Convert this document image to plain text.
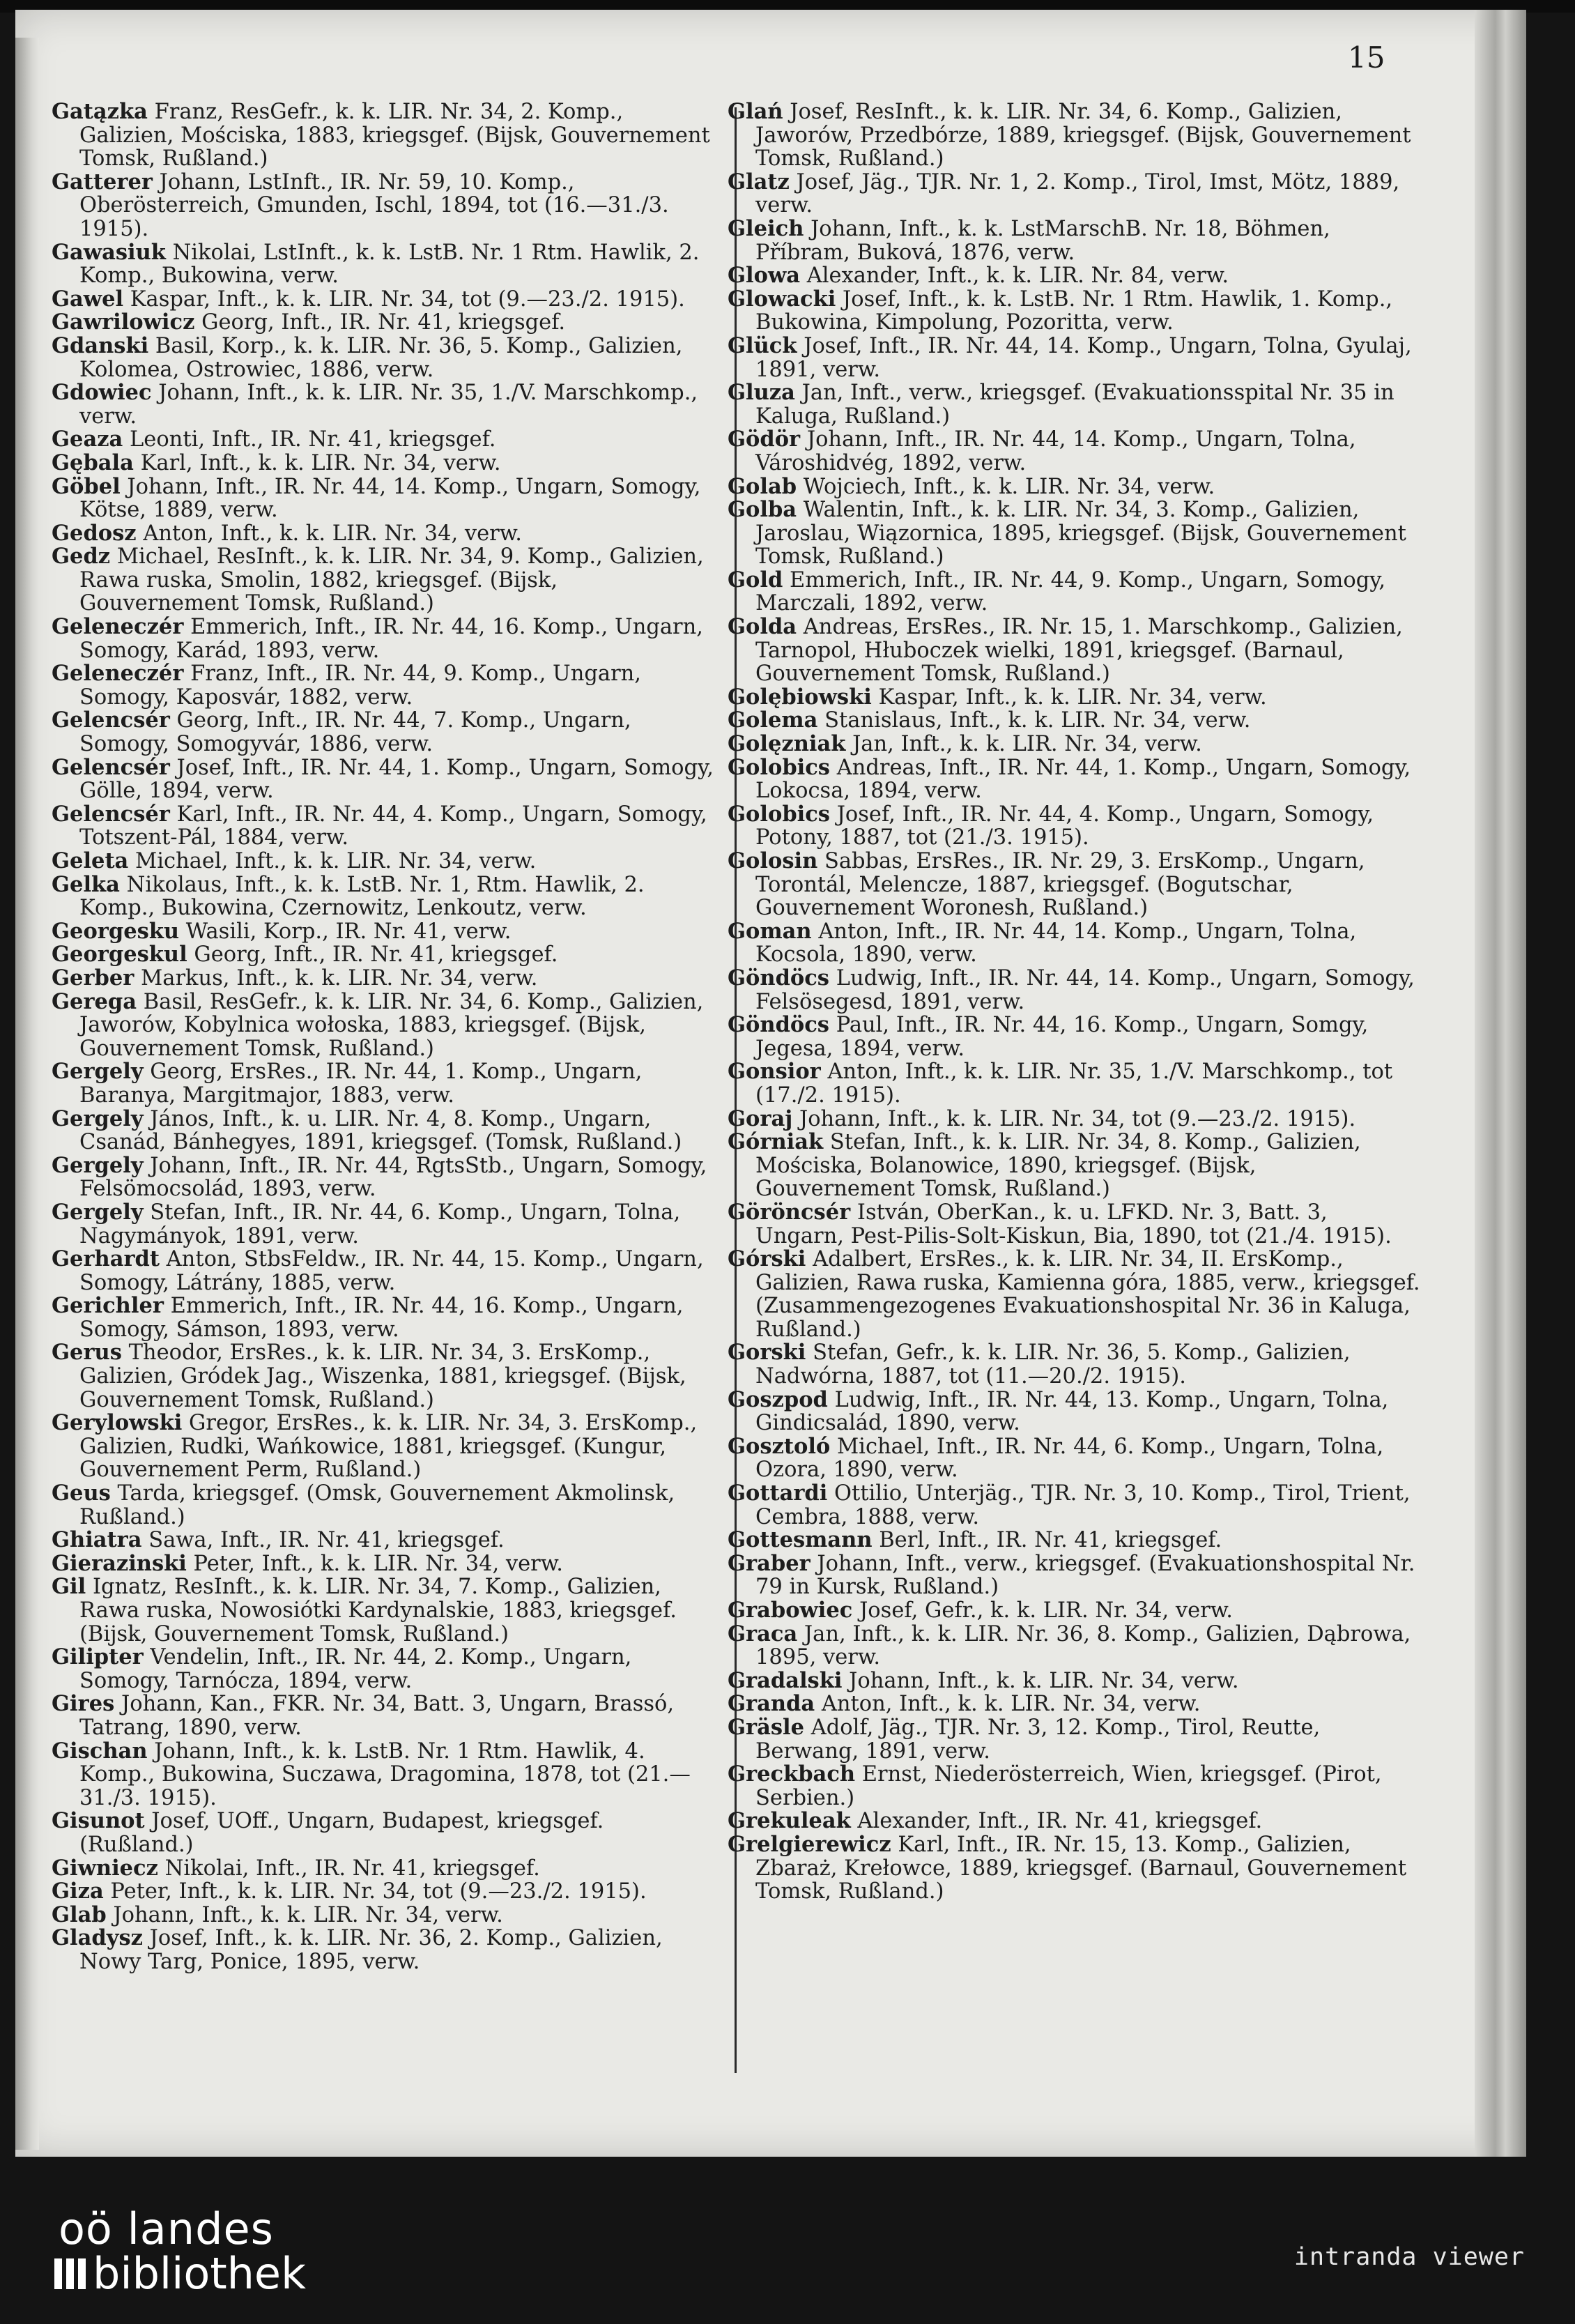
15

Gatązka Franz, ResGefr., k. k. LIR. Nr. 34, 2. Komp., Galizien, Mościska, 1883, kriegsgef. (Bijsk, Gouvernement Tomsk, Rußland.)

Gatterer Johann, LstInft., IR. Nr. 59, 10. Komp., Oberösterreich, Gmunden, Ischl, 1894, tot (16.—31./3. 1915).

Gawasiuk Nikolai, LstInft., k. k. LstB. Nr. 1 Rtm. Hawlik, 2. Komp., Bukowina, verw.

Gawel Kaspar, Inft., k. k. LIR. Nr. 34, tot (9.—23./2. 1915).

Gawrilowicz Georg, Inft., IR. Nr. 41, kriegsgef.

Gdanski Basil, Korp., k. k. LIR. Nr. 36, 5. Komp., Galizien, Kolomea, Ostrowiec, 1886, verw.

Gdowiec Johann, Inft., k. k. LIR. Nr. 35, 1./V. Marschkomp., verw.

Geaza Leonti, Inft., IR. Nr. 41, kriegsgef.

Gębala Karl, Inft., k. k. LIR. Nr. 34, verw.

Göbel Johann, Inft., IR. Nr. 44, 14. Komp., Ungarn, Somogy, Kötse, 1889, verw.

Gedosz Anton, Inft., k. k. LIR. Nr. 34, verw.

Gedz Michael, ResInft., k. k. LIR. Nr. 34, 9. Komp., Galizien, Rawa ruska, Smolin, 1882, kriegsgef. (Bijsk, Gouvernement Tomsk, Rußland.)

Geleneczér Emmerich, Inft., IR. Nr. 44, 16. Komp., Ungarn, Somogy, Karád, 1893, verw.

Geleneczér Franz, Inft., IR. Nr. 44, 9. Komp., Ungarn, Somogy, Kaposvár, 1882, verw.

Gelencsér Georg, Inft., IR. Nr. 44, 7. Komp., Ungarn, Somogy, Somogyvár, 1886, verw.

Gelencsér Josef, Inft., IR. Nr. 44, 1. Komp., Ungarn, Somogy, Gölle, 1894, verw.

Gelencsér Karl, Inft., IR. Nr. 44, 4. Komp., Ungarn, Somogy, Totszent-Pál, 1884, verw.

Geleta Michael, Inft., k. k. LIR. Nr. 34, verw.

Gelka Nikolaus, Inft., k. k. LstB. Nr. 1, Rtm. Hawlik, 2. Komp., Bukowina, Czernowitz, Lenkoutz, verw.

Georgesku Wasili, Korp., IR. Nr. 41, verw.

Georgeskul Georg, Inft., IR. Nr. 41, kriegsgef.

Gerber Markus, Inft., k. k. LIR. Nr. 34, verw.

Gerega Basil, ResGefr., k. k. LIR. Nr. 34, 6. Komp., Galizien, Jaworów, Kobylnica wołoska, 1883, kriegsgef. (Bijsk, Gouvernement Tomsk, Rußland.)

Gergely Georg, ErsRes., IR. Nr. 44, 1. Komp., Ungarn, Baranya, Margitmajor, 1883, verw.

Gergely János, Inft., k. u. LIR. Nr. 4, 8. Komp., Ungarn, Csanád, Bánhegyes, 1891, kriegsgef. (Tomsk, Rußland.)

Gergely Johann, Inft., IR. Nr. 44, RgtsStb., Ungarn, Somogy, Felsömocsolád, 1893, verw.

Gergely Stefan, Inft., IR. Nr. 44, 6. Komp., Ungarn, Tolna, Nagymányok, 1891, verw.

Gerhardt Anton, StbsFeldw., IR. Nr. 44, 15. Komp., Ungarn, Somogy, Látrány, 1885, verw.

Gerichler Emmerich, Inft., IR. Nr. 44, 16. Komp., Ungarn, Somogy, Sámson, 1893, verw.

Gerus Theodor, ErsRes., k. k. LIR. Nr. 34, 3. ErsKomp., Galizien, Gródek Jag., Wiszenka, 1881, kriegsgef. (Bijsk, Gouvernement Tomsk, Rußland.)

Gerylowski Gregor, ErsRes., k. k. LIR. Nr. 34, 3. ErsKomp., Galizien, Rudki, Wańkowice, 1881, kriegsgef. (Kungur, Gouvernement Perm, Rußland.)

Geus Tarda, kriegsgef. (Omsk, Gouvernement Akmolinsk, Rußland.)

Ghiatra Sawa, Inft., IR. Nr. 41, kriegsgef.

Gierazinski Peter, Inft., k. k. LIR. Nr. 34, verw.

Gil Ignatz, ResInft., k. k. LIR. Nr. 34, 7. Komp., Galizien, Rawa ruska, Nowosiótki Kardynalskie, 1883, kriegsgef. (Bijsk, Gouvernement Tomsk, Rußland.)

Gilipter Vendelin, Inft., IR. Nr. 44, 2. Komp., Ungarn, Somogy, Tarnócza, 1894, verw.

Gires Johann, Kan., FKR. Nr. 34, Batt. 3, Ungarn, Brassó, Tatrang, 1890, verw.

Gischan Johann, Inft., k. k. LstB. Nr. 1 Rtm. Hawlik, 4. Komp., Bukowina, Suczawa, Dragomina, 1878, tot (21.—31./3. 1915).

Gisunot Josef, UOff., Ungarn, Budapest, kriegsgef. (Rußland.)

Giwniecz Nikolai, Inft., IR. Nr. 41, kriegsgef.

Giza Peter, Inft., k. k. LIR. Nr. 34, tot (9.—23./2. 1915).

Glab Johann, Inft., k. k. LIR. Nr. 34, verw.

Gladysz Josef, Inft., k. k. LIR. Nr. 36, 2. Komp., Galizien, Nowy Targ, Ponice, 1895, verw.

Glań Josef, ResInft., k. k. LIR. Nr. 34, 6. Komp., Galizien, Jaworów, Przedbórze, 1889, kriegsgef. (Bijsk, Gouvernement Tomsk, Rußland.)

Glatz Josef, Jäg., TJR. Nr. 1, 2. Komp., Tirol, Imst, Mötz, 1889, verw.

Gleich Johann, Inft., k. k. LstMarschB. Nr. 18, Böhmen, Příbram, Buková, 1876, verw.

Glowa Alexander, Inft., k. k. LIR. Nr. 84, verw.

Glowacki Josef, Inft., k. k. LstB. Nr. 1 Rtm. Hawlik, 1. Komp., Bukowina, Kimpolung, Pozoritta, verw.

Glück Josef, Inft., IR. Nr. 44, 14. Komp., Ungarn, Tolna, Gyulaj, 1891, verw.

Gluza Jan, Inft., verw., kriegsgef. (Evakuationsspital Nr. 35 in Kaluga, Rußland.)

Gödör Johann, Inft., IR. Nr. 44, 14. Komp., Ungarn, Tolna, Városhidvég, 1892, verw.

Golab Wojciech, Inft., k. k. LIR. Nr. 34, verw.

Golba Walentin, Inft., k. k. LIR. Nr. 34, 3. Komp., Galizien, Jaroslau, Wiązornica, 1895, kriegsgef. (Bijsk, Gouvernement Tomsk, Rußland.)

Gold Emmerich, Inft., IR. Nr. 44, 9. Komp., Ungarn, Somogy, Marczali, 1892, verw.

Golda Andreas, ErsRes., IR. Nr. 15, 1. Marschkomp., Galizien, Tarnopol, Hłuboczek wielki, 1891, kriegsgef. (Barnaul, Gouvernement Tomsk, Rußland.)

Golębiowski Kaspar, Inft., k. k. LIR. Nr. 34, verw.

Golema Stanislaus, Inft., k. k. LIR. Nr. 34, verw.

Golęzniak Jan, Inft., k. k. LIR. Nr. 34, verw.

Golobics Andreas, Inft., IR. Nr. 44, 1. Komp., Ungarn, Somogy, Lokocsa, 1894, verw.

Golobics Josef, Inft., IR. Nr. 44, 4. Komp., Ungarn, Somogy, Potony, 1887, tot (21./3. 1915).

Golosin Sabbas, ErsRes., IR. Nr. 29, 3. ErsKomp., Ungarn, Torontál, Melencze, 1887, kriegsgef. (Bogutschar, Gouvernement Woronesh, Rußland.)

Goman Anton, Inft., IR. Nr. 44, 14. Komp., Ungarn, Tolna, Kocsola, 1890, verw.

Göndöcs Ludwig, Inft., IR. Nr. 44, 14. Komp., Ungarn, Somogy, Felsösegesd, 1891, verw.

Göndöcs Paul, Inft., IR. Nr. 44, 16. Komp., Ungarn, Somgy, Jegesa, 1894, verw.

Gonsior Anton, Inft., k. k. LIR. Nr. 35, 1./V. Marschkomp., tot (17./2. 1915).

Goraj Johann, Inft., k. k. LIR. Nr. 34, tot (9.—23./2. 1915).

Górniak Stefan, Inft., k. k. LIR. Nr. 34, 8. Komp., Galizien, Mościska, Bolanowice, 1890, kriegsgef. (Bijsk, Gouvernement Tomsk, Rußland.)

Göröncsér István, OberKan., k. u. LFKD. Nr. 3, Batt. 3, Ungarn, Pest-Pilis-Solt-Kiskun, Bia, 1890, tot (21./4. 1915).

Górski Adalbert, ErsRes., k. k. LIR. Nr. 34, II. ErsKomp., Galizien, Rawa ruska, Kamienna góra, 1885, verw., kriegsgef. (Zusammengezogenes Evakuationshospital Nr. 36 in Kaluga, Rußland.)

Gorski Stefan, Gefr., k. k. LIR. Nr. 36, 5. Komp., Galizien, Nadwórna, 1887, tot (11.—20./2. 1915).

Goszpod Ludwig, Inft., IR. Nr. 44, 13. Komp., Ungarn, Tolna, Gindicsalád, 1890, verw.

Gosztoló Michael, Inft., IR. Nr. 44, 6. Komp., Ungarn, Tolna, Ozora, 1890, verw.

Gottardi Ottilio, Unterjäg., TJR. Nr. 3, 10. Komp., Tirol, Trient, Cembra, 1888, verw.

Gottesmann Berl, Inft., IR. Nr. 41, kriegsgef.

Graber Johann, Inft., verw., kriegsgef. (Evakuationshospital Nr. 79 in Kursk, Rußland.)

Grabowiec Josef, Gefr., k. k. LIR. Nr. 34, verw.

Graca Jan, Inft., k. k. LIR. Nr. 36, 8. Komp., Galizien, Dąbrowa, 1895, verw.

Gradalski Johann, Inft., k. k. LIR. Nr. 34, verw.

Granda Anton, Inft., k. k. LIR. Nr. 34, verw.

Gräsle Adolf, Jäg., TJR. Nr. 3, 12. Komp., Tirol, Reutte, Berwang, 1891, verw.

Greckbach Ernst, Niederösterreich, Wien, kriegsgef. (Pirot, Serbien.)

Grekuleak Alexander, Inft., IR. Nr. 41, kriegsgef.

Grelgierewicz Karl, Inft., IR. Nr. 15, 13. Komp., Galizien, Zbaraż, Krełowce, 1889, kriegsgef. (Barnaul, Gouvernement Tomsk, Rußland.)

oö landes
bibliothek	intranda viewer
